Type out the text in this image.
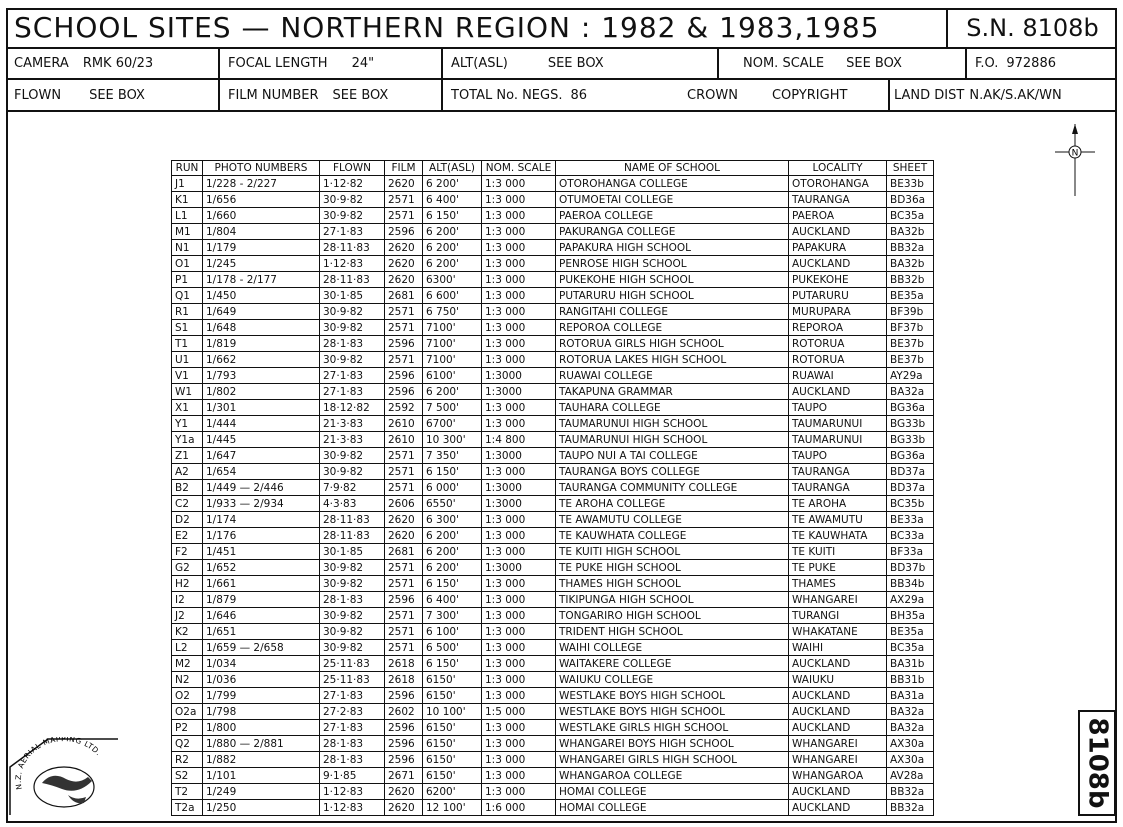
SCHOOL SITES — NORTHERN REGION : 1982 & 1983,1985	S.N. 8108b
CAMERA RMK 60/23	FOCAL LENGTH 24"	ALT(ASL)	SEE BOX	NOM. SCALE SEE BOX	F.O. 972886
FLOWN SEE BOX	FILM NUMBER SEE BOX	TOTAL No. NEGS. 86	CROWN	COPYRIGHT	LAND DIST N.AK/S.AK/WN
N
RUN	PHOTO NUMBERS	FLOWN	FILM	ALT(ASL)	NOM. SCALE	NAME OF SCHOOL	LOCALITY	SHEET
J1	1/228 - 2/227	1·12·82	2620	6 200'	1:3 000	OTOROHANGA COLLEGE	OTOROHANGA	BE33b
K1	1/656	30·9·82	2571	6 400'	1:3 000	OTUMOETAI COLLEGE	TAURANGA	BD36a
L1	1/660	30·9·82	2571	6 150'	1:3 000	PAEROA COLLEGE	PAEROA	BC35a
M1	1/804	27·1·83	2596	6 200'	1:3 000	PAKURANGA COLLEGE	AUCKLAND	BA32b
N1	1/179	28·11·83	2620	6 200'	1:3 000	PAPAKURA HIGH SCHOOL	PAPAKURA	BB32a
O1	1/245	1·12·83	2620	6 200'	1:3 000	PENROSE HIGH SCHOOL	AUCKLAND	BA32b
P1	1/178 - 2/177	28·11·83	2620	6300'	1:3 000	PUKEKOHE HIGH SCHOOL	PUKEKOHE	BB32b
Q1	1/450	30·1·85	2681	6 600'	1:3 000	PUTARURU HIGH SCHOOL	PUTARURU	BE35a
R1	1/649	30·9·82	2571	6 750'	1:3 000	RANGITAHI COLLEGE	MURUPARA	BF39b
S1	1/648	30·9·82	2571	7100'	1:3 000	REPOROA COLLEGE	REPOROA	BF37b
T1	1/819	28·1·83	2596	7100'	1:3 000	ROTORUA GIRLS HIGH SCHOOL	ROTORUA	BE37b
U1	1/662	30·9·82	2571	7100'	1:3 000	ROTORUA LAKES HIGH SCHOOL	ROTORUA	BE37b
V1	1/793	27·1·83	2596	6100'	1:3000	RUAWAI COLLEGE	RUAWAI	AY29a
W1	1/802	27·1·83	2596	6 200'	1:3000	TAKAPUNA GRAMMAR	AUCKLAND	BA32a
X1	1/301	18·12·82	2592	7 500'	1:3 000	TAUHARA COLLEGE	TAUPO	BG36a
Y1	1/444	21·3·83	2610	6700'	1:3 000	TAUMARUNUI HIGH SCHOOL	TAUMARUNUI	BG33b
Y1a	1/445	21·3·83	2610	10 300'	1:4 800	TAUMARUNUI HIGH SCHOOL	TAUMARUNUI	BG33b
Z1	1/647	30·9·82	2571	7 350'	1:3000	TAUPO NUI A TAI COLLEGE	TAUPO	BG36a
A2	1/654	30·9·82	2571	6 150'	1:3 000	TAURANGA BOYS COLLEGE	TAURANGA	BD37a
B2	1/449 — 2/446	7·9·82	2571	6 000'	1:3000	TAURANGA COMMUNITY COLLEGE	TAURANGA	BD37a
C2	1/933 — 2/934	4·3·83	2606	6550'	1:3000	TE AROHA COLLEGE	TE AROHA	BC35b
D2	1/174	28·11·83	2620	6 300'	1:3 000	TE AWAMUTU COLLEGE	TE AWAMUTU	BE33a
E2	1/176	28·11·83	2620	6 200'	1:3 000	TE KAUWHATA COLLEGE	TE KAUWHATA	BC33a
F2	1/451	30·1·85	2681	6 200'	1:3 000	TE KUITI HIGH SCHOOL	TE KUITI	BF33a
G2	1/652	30·9·82	2571	6 200'	1:3000	TE PUKE HIGH SCHOOL	TE PUKE	BD37b
H2	1/661	30·9·82	2571	6 150'	1:3 000	THAMES HIGH SCHOOL	THAMES	BB34b
I2	1/879	28·1·83	2596	6 400'	1:3 000	TIKIPUNGA HIGH SCHOOL	WHANGAREI	AX29a
J2	1/646	30·9·82	2571	7 300'	1:3 000	TONGARIRO HIGH SCHOOL	TURANGI	BH35a
K2	1/651	30·9·82	2571	6 100'	1:3 000	TRIDENT HIGH SCHOOL	WHAKATANE	BE35a
L2	1/659 — 2/658	30·9·82	2571	6 500'	1:3 000	WAIHI COLLEGE	WAIHI	BC35a
M2	1/034	25·11·83	2618	6 150'	1:3 000	WAITAKERE COLLEGE	AUCKLAND	BA31b
N2	1/036	25·11·83	2618	6150'	1:3 000	WAIUKU COLLEGE	WAIUKU	BB31b
O2	1/799	27·1·83	2596	6150'	1:3 000	WESTLAKE BOYS HIGH SCHOOL	AUCKLAND	BA31a
O2a	1/798	27·2·83	2602	10 100'	1:5 000	WESTLAKE BOYS HIGH SCHOOL	AUCKLAND	BA32a
P2	1/800	27·1·83	2596	6150'	1:3 000	WESTLAKE GIRLS HIGH SCHOOL	AUCKLAND	BA32a
Q2	1/880 — 2/881	28·1·83	2596	6150'	1:3 000	WHANGAREI BOYS HIGH SCHOOL	WHANGAREI	AX30a
R2	1/882	28·1·83	2596	6150'	1:3 000	WHANGAREI GIRLS HIGH SCHOOL	WHANGAREI	AX30a
S2	1/101	9·1·85	2671	6150'	1:3 000	WHANGAROA COLLEGE	WHANGAROA	AV28a
T2	1/249	1·12·83	2620	6200'	1:3 000	HOMAI COLLEGE	AUCKLAND	BB32a
T2a	1/250	1·12·83	2620	12 100'	1:6 000	HOMAI COLLEGE	AUCKLAND	BB32a
N.Z. AERIAL MAPPING LTD.	8108b
